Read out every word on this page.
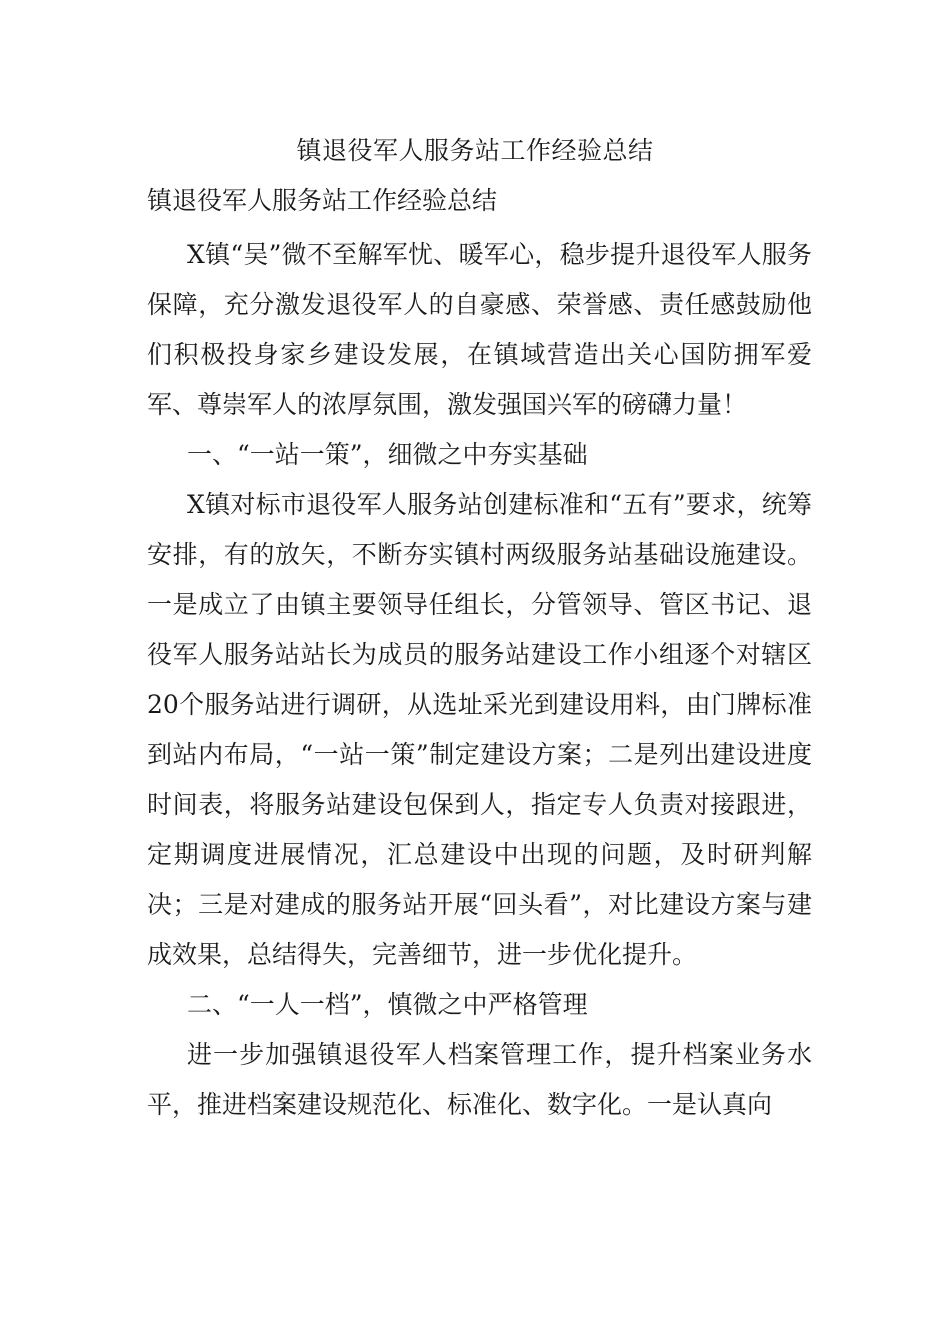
镇退役军人服务站工作经验总结

镇退役军人服务站工作经验总结

X镇“吴”微不至解军忧、暖军心，稳步提升退役军人服务保障，充分激发退役军人的自豪感、荣誉感、责任感鼓励他们积极投身家乡建设发展，在镇域营造出关心国防拥军爱军、尊崇军人的浓厚氛围，激发强国兴军的磅礴力量！

一、“一站一策”，细微之中夯实基础

X镇对标市退役军人服务站创建标准和“五有”要求，统筹安排，有的放矢，不断夯实镇村两级服务站基础设施建设。一是成立了由镇主要领导任组长，分管领导、管区书记、退役军人服务站站长为成员的服务站建设工作小组逐个对辖区20个服务站进行调研，从选址采光到建设用料，由门牌标准到站内布局，“一站一策”制定建设方案；二是列出建设进度时间表，将服务站建设包保到人，指定专人负责对接跟进，定期调度进展情况，汇总建设中出现的问题，及时研判解决；三是对建成的服务站开展“回头看”，对比建设方案与建成效果，总结得失，完善细节，进一步优化提升。

二、“一人一档”，慎微之中严格管理

进一步加强镇退役军人档案管理工作，提升档案业务水平，推进档案建设规范化、标准化、数字化。一是认真向
